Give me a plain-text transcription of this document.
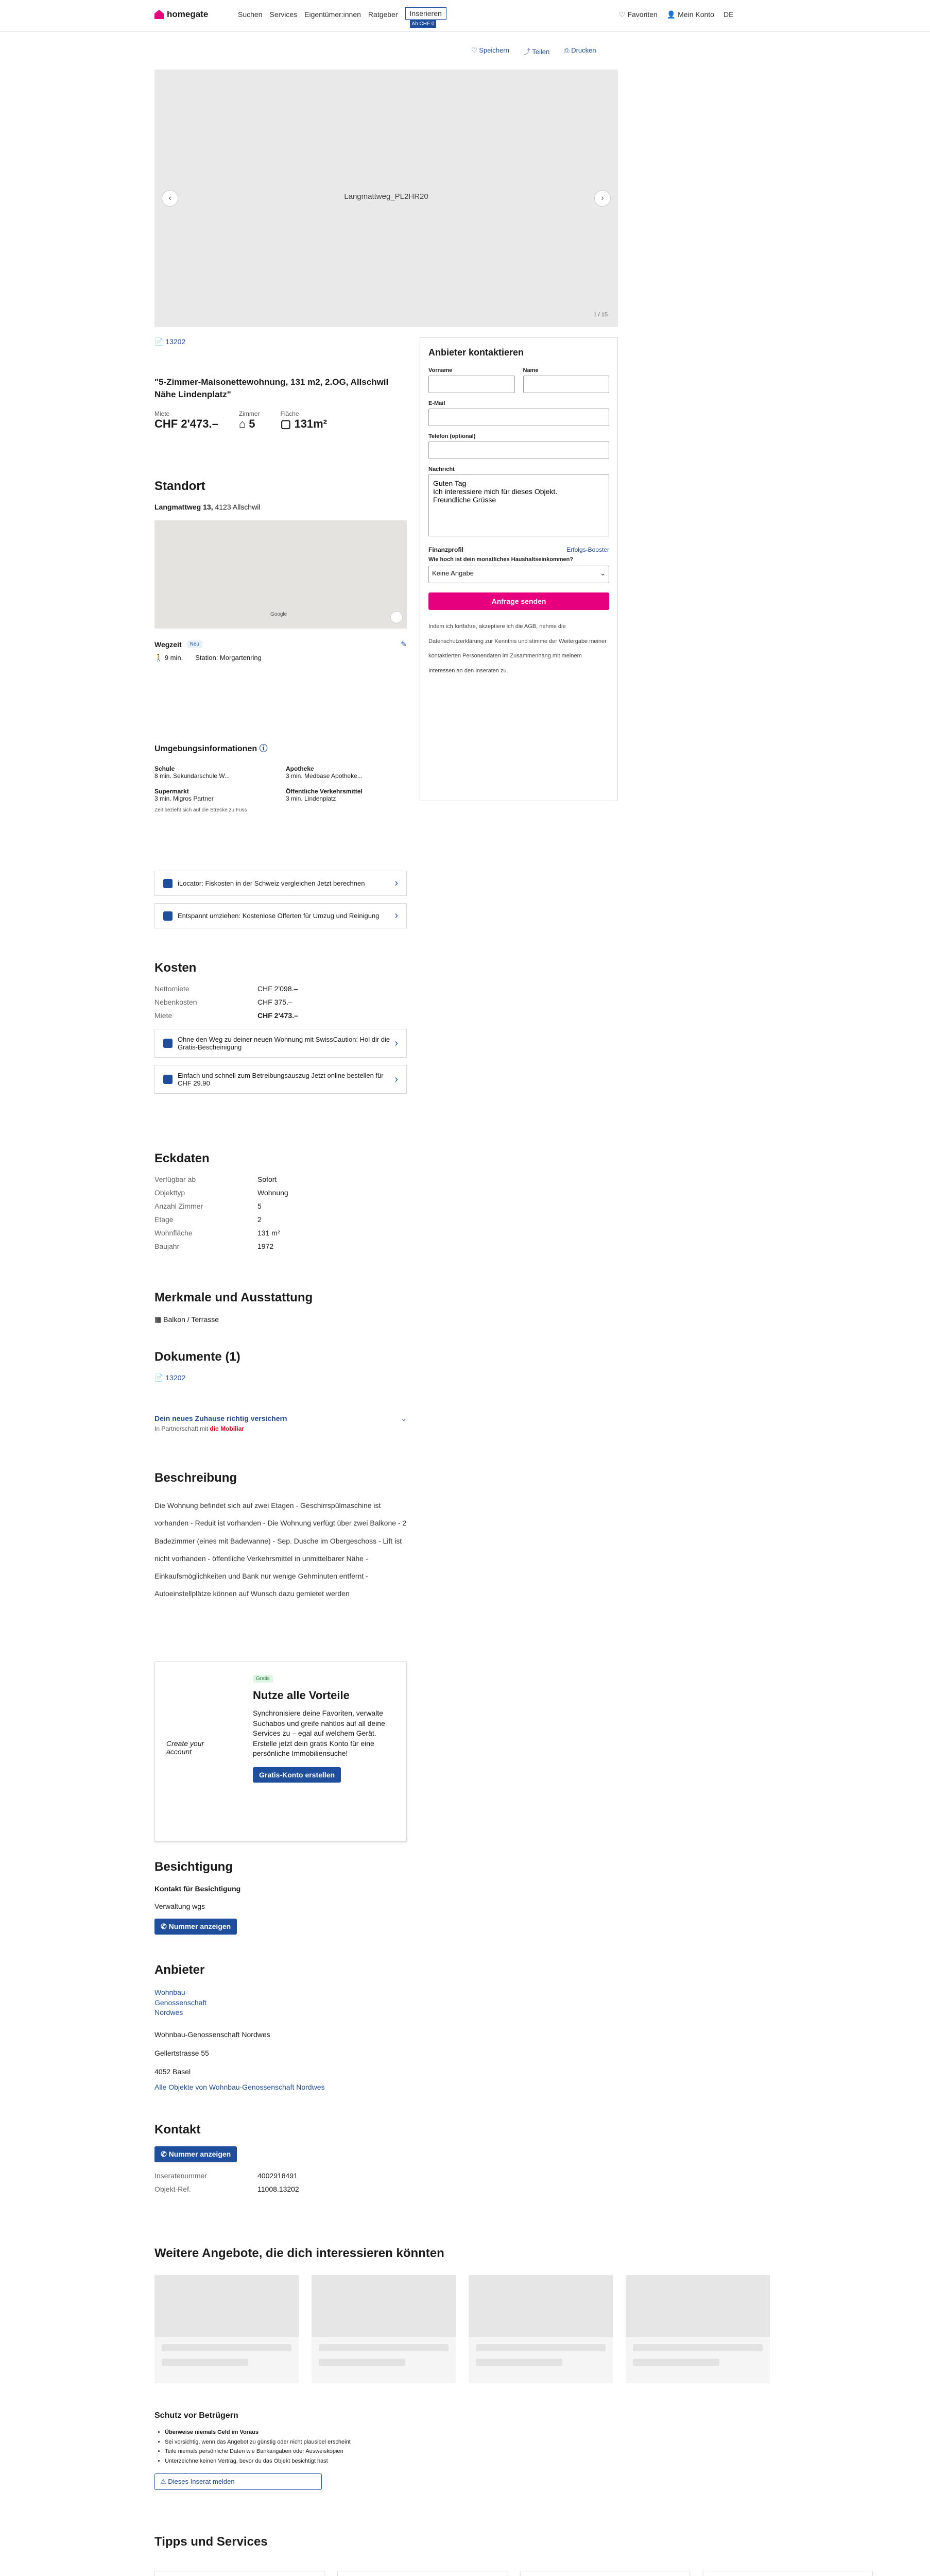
homegate	Suchen Services Eigentümer:innen Ratgeber	Inserieren
Ab CHF 0
♡ Favoriten 👤 Mein Konto DE
♡ Speichern ⤴ Teilen ⎙ Drucken
Langmattweg_PL2HR20
‹	›
1 / 15
📄 13202
"5-Zimmer-Maisonettewohnung, 131 m2, 2.OG, Allschwil Nähe Lindenplatz"
Miete
CHF 2'473.–
Zimmer
⌂ 5
Fläche
▢ 131m²
Standort
Langmattweg 13, 4123 Allschwil
Google
Wegzeit	Neu	✎
🚶 9 min. Station: Morgartenring
Umgebungsinformationen ⓘ
Schule
8 min. Sekundarschule W...
Apotheke
3 min. Medbase Apotheke...
Supermarkt
3 min. Migros Partner
Öffentliche Verkehrsmittel
3 min. Lindenplatz
Zeit bezieht sich auf die Strecke zu Fuss
iLocator: Fiskosten in der Schweiz vergleichen Jetzt berechnen	›
Entspannt umziehen: Kostenlose Offerten für Umzug und Reinigung	›
Kosten
Nettomiete	CHF 2'098.–
Nebenkosten	CHF 375.–
Miete	CHF 2'473.–
Ohne den Weg zu deiner neuen Wohnung mit SwissCaution: Hol dir die Gratis-Bescheinigung	›
Einfach und schnell zum Betreibungsauszug Jetzt online bestellen für CHF 29.90	›
Eckdaten
Verfügbar ab	Sofort
Objekttyp	Wohnung
Anzahl Zimmer	5
Etage	2
Wohnfläche	131 m²
Baujahr	1972
Merkmale und Ausstattung
▦ Balkon / Terrasse
Dokumente (1)
📄 13202
Dein neues Zuhause richtig versichern	⌄
In Partnerschaft mit die Mobiliar
Beschreibung
Die Wohnung befindet sich auf zwei Etagen - Geschirrspülmaschine ist vorhanden - Reduit ist vorhanden - Die Wohnung verfügt über zwei Balkone - 2 Badezimmer (eines mit Badewanne) - Sep. Dusche im Obergeschoss - Lift ist nicht vorhanden - öffentliche Verkehrsmittel in unmittelbarer Nähe - Einkaufsmöglichkeiten und Bank nur wenige Gehminuten entfernt - Autoeinstellplätze können auf Wunsch dazu gemietet werden
Create your account
Gratis
Nutze alle Vorteile
Synchronisiere deine Favoriten, verwalte Suchabos und greife nahtlos auf all deine Services zu – egal auf welchem Gerät. Erstelle jetzt dein gratis Konto für eine persönliche Immobiliensuche!
Gratis-Konto erstellen
Besichtigung
Kontakt für Besichtigung
Verwaltung wgs
✆ Nummer anzeigen
Anbieter
Wohnbau-Genossenschaft Nordwes
Wohnbau-Genossenschaft Nordwes
Gellertstrasse 55
4052 Basel
Alle Objekte von Wohnbau-Genossenschaft Nordwes
Kontakt
✆ Nummer anzeigen
Inseratenummer	4002918491
Objekt-Ref.	11008.13202
Weitere Angebote, die dich interessieren könnten
Schutz vor Betrügern
• Überweise niemals Geld im Voraus
• Sei vorsichtig, wenn das Angebot zu günstig oder nicht plausibel erscheint
• Teile niemals persönliche Daten wie Bankangaben oder Ausweiskopien
• Unterzeichne keinen Vertrag, bevor du das Objekt besichtigt hast
⚠ Dieses Inserat melden
Tipps und Services
Anbieter kontaktieren
Vorname	Name
E-Mail
Telefon (optional)
Nachricht
Guten Tag Ich interessiere mich für dieses Objekt. Freundliche Grüsse
Finanzprofil	Erfolgs-Booster
Wie hoch ist dein monatliches Haushaltseinkommen?
Keine Angabe	⌄
Anfrage senden
Indem ich fortfahre, akzeptiere ich die AGB, nehme die Datenschutzerklärung zur Kenntnis und stimme der Weitergabe meiner kontaktierten Personendaten im Zusammenhang mit meinem Interessen an den Inseraten zu.
